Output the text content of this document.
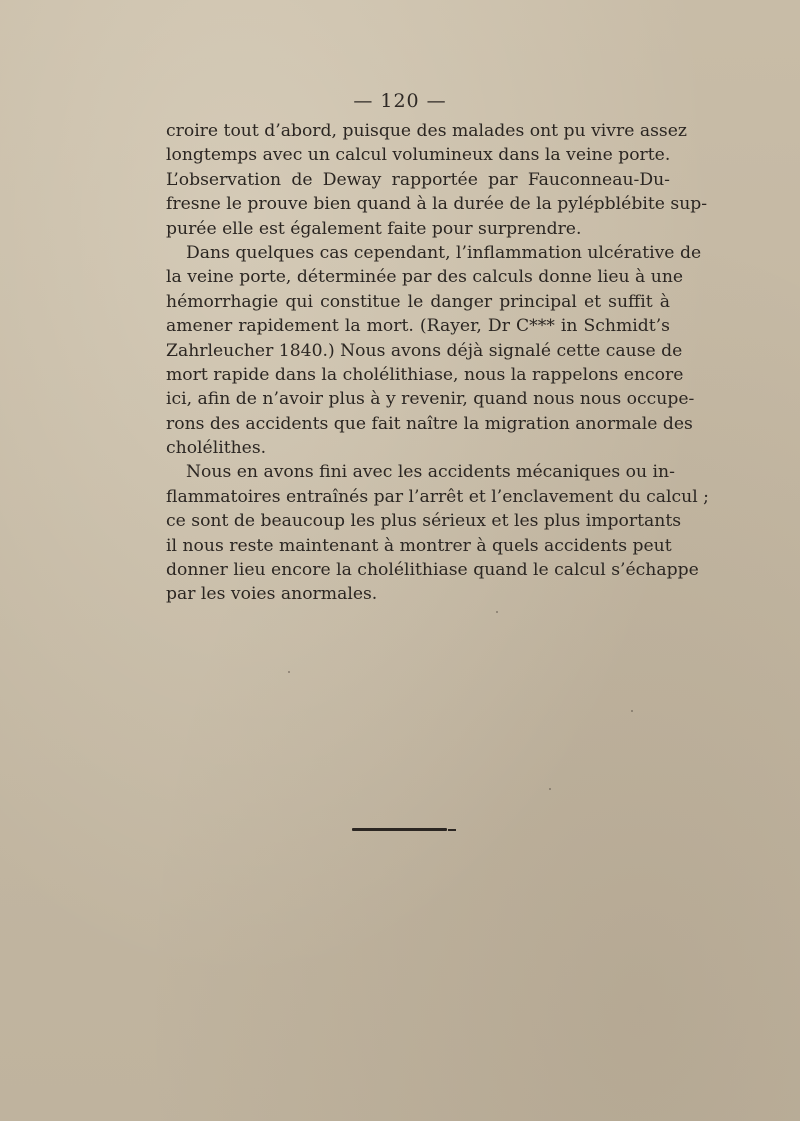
— 120 —
croire tout d’abord, puisque des malades ont pu vivre assez
longtemps avec un calcul volumineux dans la veine porte.
L’observation de Deway rapportée par Fauconneau-Du-
fresne le prouve bien quand à la durée de la pylépblébite sup-
purée elle est également faite pour surprendre.
Dans quelques cas cependant, l’inflammation ulcérative de
la veine porte, déterminée par des calculs donne lieu à une
hémorrhagie qui constitue le danger principal et suffit à
amener rapidement la mort. (Rayer, Dr C*** in Schmidt’s
Zahrleucher 1840.) Nous avons déjà signalé cette cause de
mort rapide dans la cholélithiase, nous la rappelons encore
ici, afin de n’avoir plus à y revenir, quand nous nous occupe-
rons des accidents que fait naître la migration anormale des
cholélithes.
Nous en avons fini avec les accidents mécaniques ou in-
flammatoires entraînés par l’arrêt et l’enclavement du calcul ;
ce sont de beaucoup les plus sérieux et les plus importants
il nous reste maintenant à montrer à quels accidents peut
donner lieu encore la cholélithiase quand le calcul s’échappe
par les voies anormales.
